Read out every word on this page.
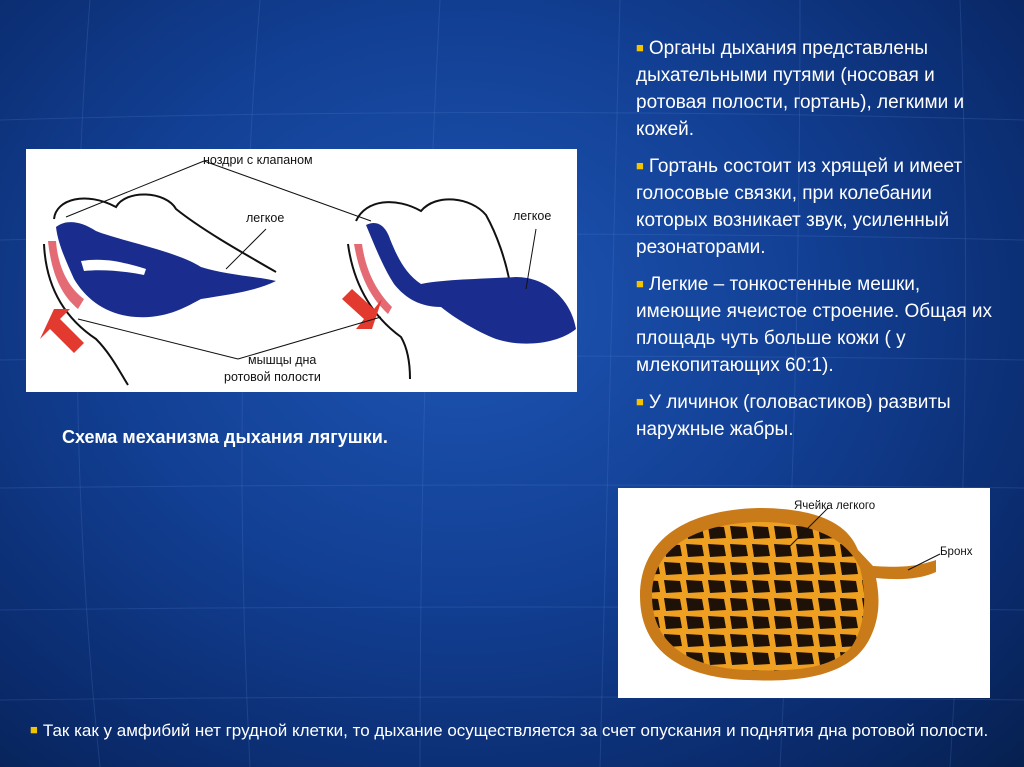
■ Органы дыхания представлены дыхательными путями (носовая и ротовая полости, гортань), легкими и кожей.
■ Гортань состоит из хрящей и имеет голосовые связки, при колебании которых возникает звук, усиленный резонаторами.
■ Легкие – тонкостенные мешки, имеющие ячеистое строение. Общая их площадь чуть больше кожи ( у млекопитающих 60:1).
■ У личинок (головастиков) развиты наружные жабры.
ноздри с клапаном
легкое	легкое
мышцы дна
ротовой полости
Схема механизма дыхания лягушки.
Ячейка легкого
Бронх
■ Так как у амфибий нет грудной клетки, то дыхание осуществляется за счет опускания и поднятия дна ротовой полости.
